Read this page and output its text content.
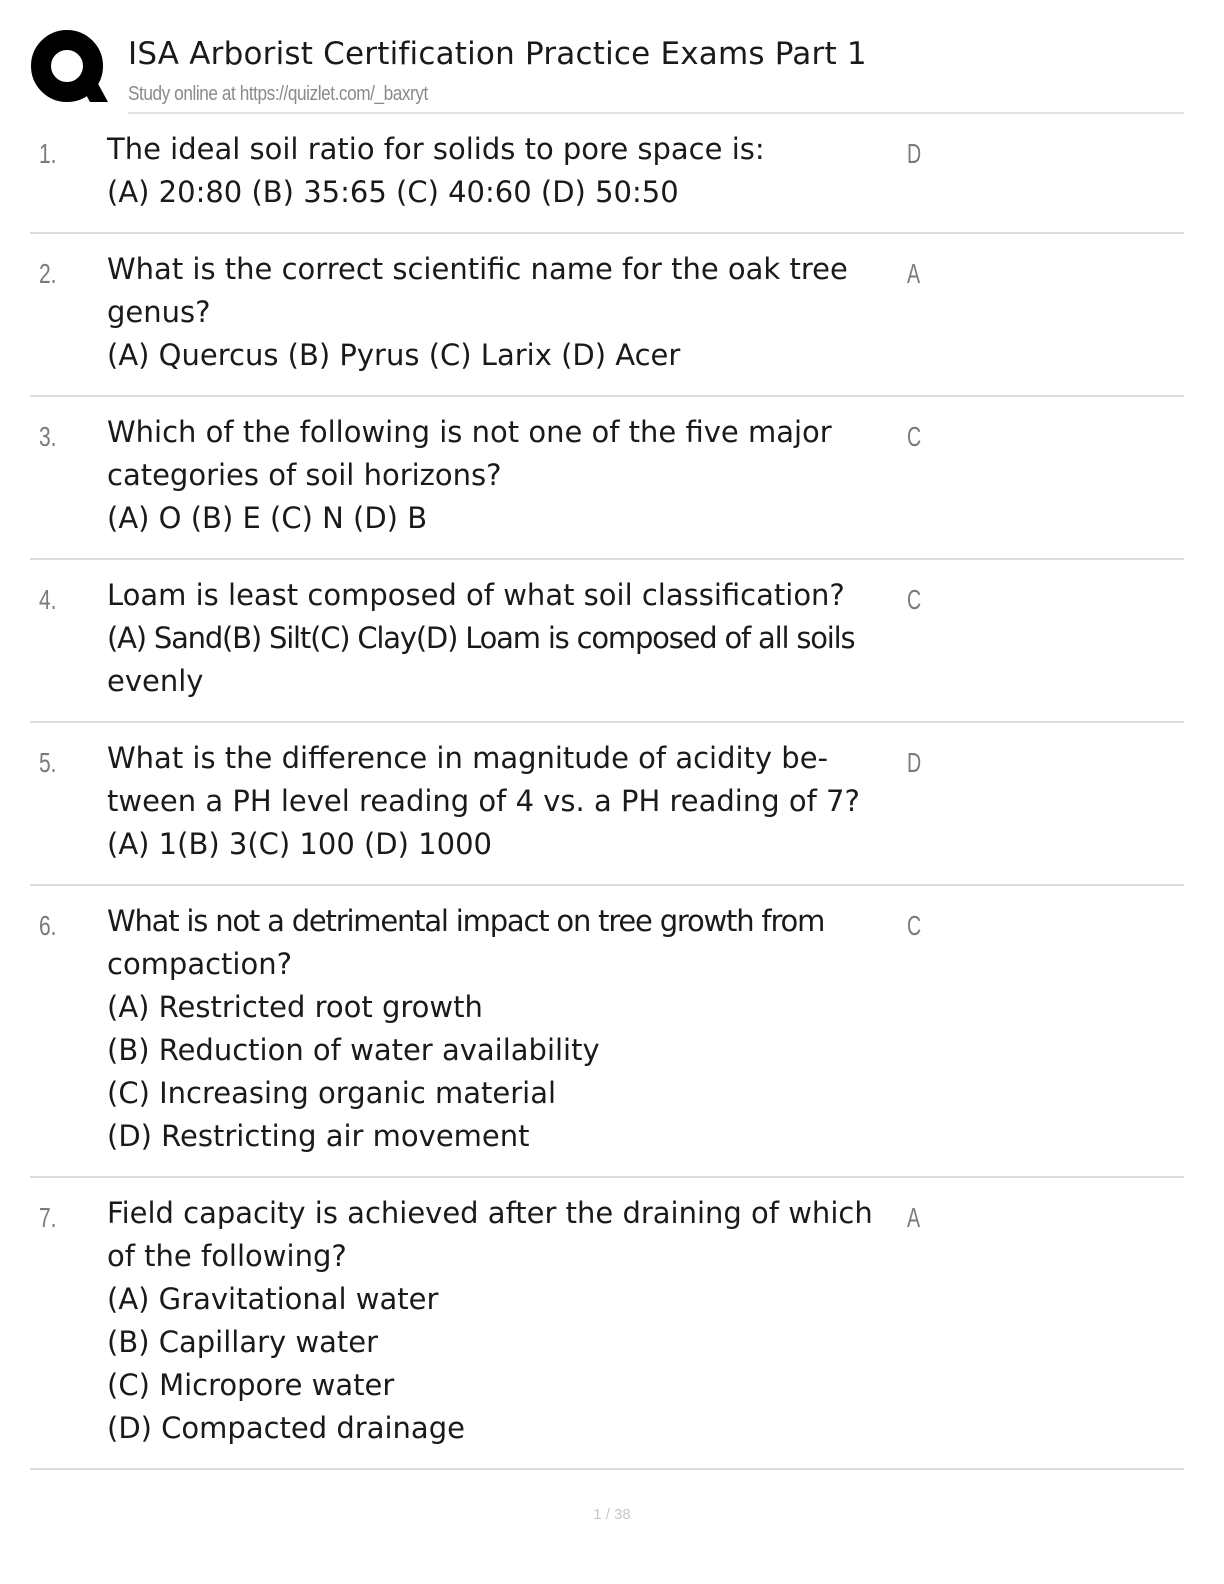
ISA Arborist Certification Practice Exams Part 1
Study online at https://quizlet.com/_baxryt
1. The ideal soil ratio for solids to pore space is:
(A) 20:80 (B) 35:65 (C) 40:60 (D) 50:50
D
2. What is the correct scientific name for the oak tree
genus?
(A) Quercus (B) Pyrus (C) Larix (D) Acer
A
3. Which of the following is not one of the five major
categories of soil horizons?
(A) O (B) E (C) N (D) B
C
4. Loam is least composed of what soil classification?
(A) Sand(B) Silt(C) Clay(D) Loam is composed of all soils
evenly
C
5. What is the difference in magnitude of acidity be-
tween a PH level reading of 4 vs. a PH reading of 7?
(A) 1(B) 3(C) 100 (D) 1000
D
6. What is not a detrimental impact on tree growth from
compaction?
(A) Restricted root growth
(B) Reduction of water availability
(C) Increasing organic material
(D) Restricting air movement
C
7. Field capacity is achieved after the draining of which
of the following?
(A) Gravitational water
(B) Capillary water
(C) Micropore water
(D) Compacted drainage
A
1 / 38
